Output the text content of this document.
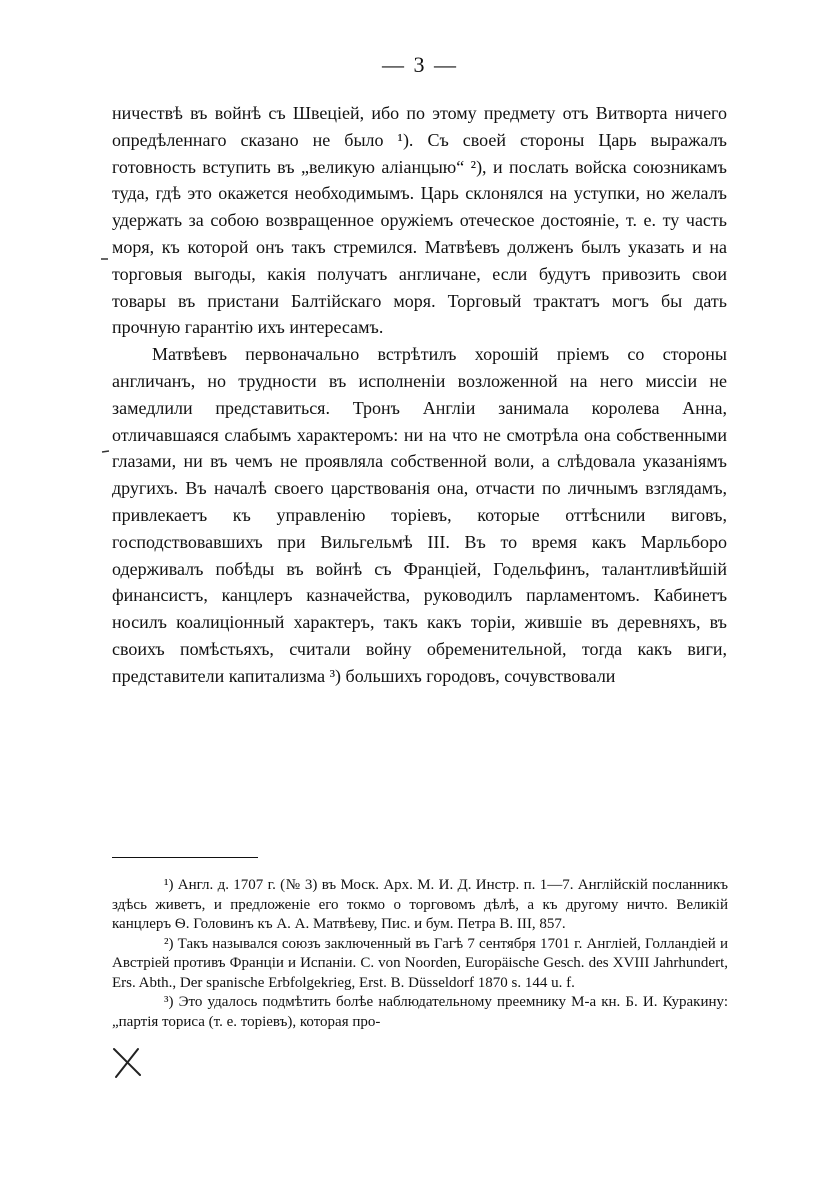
— 3 —

ничествѣ въ войнѣ съ Швеціей, ибо по этому предмету отъ Витворта ничего опредѣленнаго сказано не было ¹). Съ своей стороны Царь выражалъ готовность вступить въ „великую аліанцыю“ ²), и послать войска союзникамъ туда, гдѣ это окажется необходимымъ. Царь склонялся на уступки, но желалъ удержать за собою возвращенное оружіемъ отеческое достояніе, т. е. ту часть моря, къ которой онъ такъ стремился. Матвѣевъ долженъ былъ указать и на торговыя выгоды, какія получатъ англичане, если будутъ привозить свои товары въ пристани Балтійскаго моря. Торговый трактатъ могъ бы дать прочную гарантію ихъ интересамъ.

Матвѣевъ первоначально встрѣтилъ хорошій пріемъ со стороны англичанъ, но трудности въ исполненіи возложенной на него миссіи не замедлили представиться. Тронъ Англіи занимала королева Анна, отличавшаяся слабымъ характеромъ: ни на что не смотрѣла она собственными глазами, ни въ чемъ не проявляла собственной воли, а слѣдовала указаніямъ другихъ. Въ началѣ своего царствованія она, отчасти по личнымъ взглядамъ, привлекаетъ къ управленію торіевъ, которые оттѣснили виговъ, господствовавшихъ при Вильгельмѣ III. Въ то время какъ Марльборо одерживалъ побѣды въ войнѣ съ Франціей, Годельфинъ, талантливѣйшій финансистъ, канцлеръ казначейства, руководилъ парламентомъ. Кабинетъ носилъ коалиціонный характеръ, такъ какъ торіи, жившіе въ деревняхъ, въ своихъ помѣстьяхъ, считали войну обременительной, тогда какъ виги, представители капитализма ³) большихъ городовъ, сочувствовали

¹) Англ. д. 1707 г. (№ 3) въ Моск. Арх. М. И. Д. Инстр. п. 1—7. Англійскій посланникъ здѣсь живетъ, и предложеніе его токмо о торговомъ дѣлѣ, а къ другому ничто. Великій канцлеръ Ѳ. Головинъ къ А. А. Матвѣеву, Пис. и бум. Петра В. III, 857.

²) Такъ назывался союзъ заключенный въ Гагѣ 7 сентября 1701 г. Англіей, Голландіей и Австріей противъ Франціи и Испаніи. C. von Noorden, Europäische Gesch. des XVIII Jahrhundert, Ers. Abth., Der spanische Erbfolgekrieg, Erst. B. Düsseldorf 1870 s. 144 u. f.

³) Это удалось подмѣтить болѣе наблюдательному преемнику М-а кн. Б. И. Куракину: „партія ториса (т. е. торіевъ), которая про-
